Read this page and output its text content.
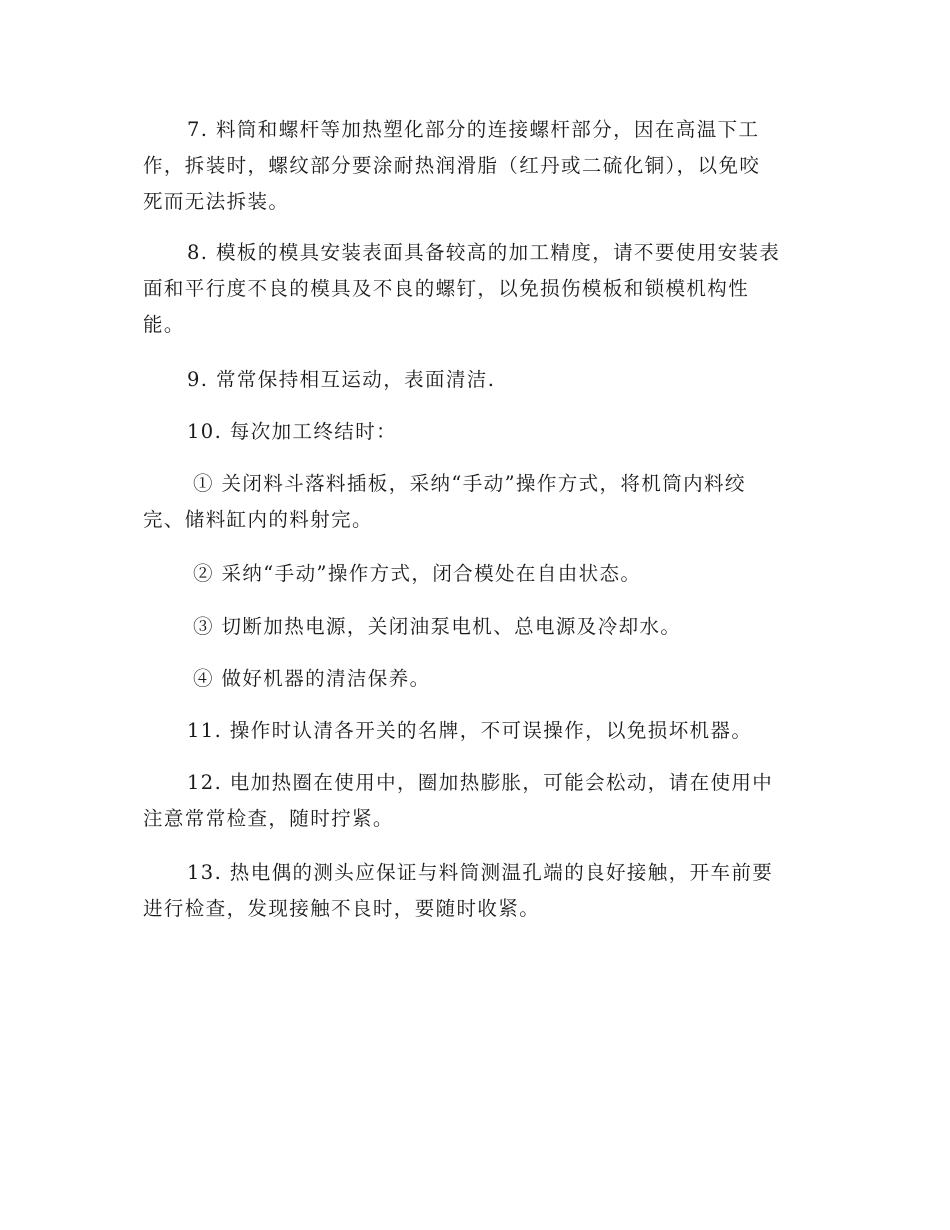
7. 料筒和螺杆等加热塑化部分的连接螺杆部分，因在高温下工
作，拆装时，螺纹部分要涂耐热润滑脂（红丹或二硫化铜），以免咬
死而无法拆装。

8. 模板的模具安装表面具备较高的加工精度，请不要使用安装表
面和平行度不良的模具及不良的螺钉，以免损伤模板和锁模机构性
能。

9. 常常保持相互运动，表面清洁.

10. 每次加工终结时：

① 关闭料斗落料插板，采纳“手动”操作方式，将机筒内料绞
完、储料缸内的料射完。

② 采纳“手动”操作方式，闭合模处在自由状态。

③ 切断加热电源，关闭油泵电机、总电源及冷却水。

④ 做好机器的清洁保养。

11. 操作时认清各开关的名牌，不可误操作，以免损坏机器。

12. 电加热圈在使用中，圈加热膨胀，可能会松动，请在使用中
注意常常检查，随时拧紧。

13. 热电偶的测头应保证与料筒测温孔端的良好接触，开车前要
进行检查，发现接触不良时，要随时收紧。
